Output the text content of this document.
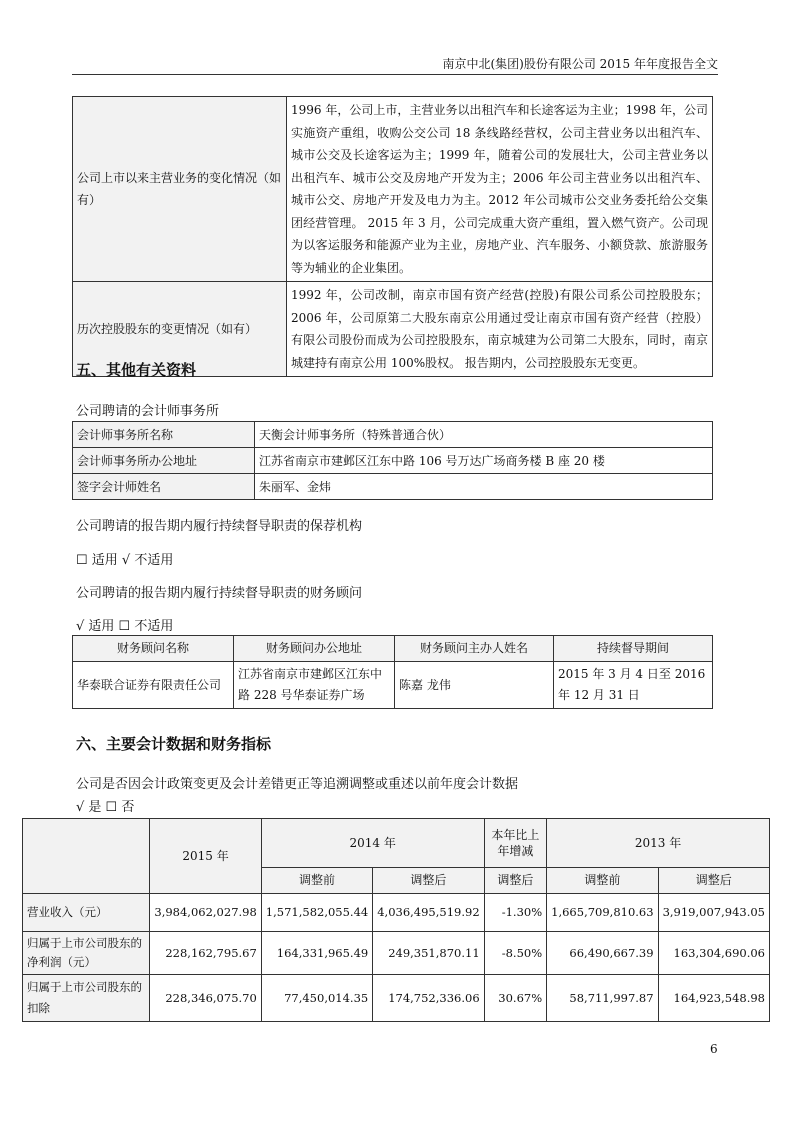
南京中北(集团)股份有限公司 2015 年年度报告全文
公司上市以来主营业务的变化情况（如有）	1996 年，公司上市，主营业务以出租汽车和长途客运为主业；1998 年，公司实施资产重组，收购公交公司 18 条线路经营权，公司主营业务以出租汽车、城市公交及长途客运为主；1999 年，随着公司的发展壮大，公司主营业务以出租汽车、城市公交及房地产开发为主；2006 年公司主营业务以出租汽车、城市公交、房地产开发及电力为主。2012 年公司城市公交业务委托给公交集团经营管理。 2015 年 3 月，公司完成重大资产重组，置入燃气资产。公司现为以客运服务和能源产业为主业，房地产业、汽车服务、小额贷款、旅游服务等为辅业的企业集团。
历次控股股东的变更情况（如有）	1992 年，公司改制，南京市国有资产经营(控股)有限公司系公司控股股东；2006 年，公司原第二大股东南京公用通过受让南京市国有资产经营（控股）有限公司股份而成为公司控股股东，南京城建为公司第二大股东，同时，南京城建持有南京公用 100%股权。 报告期内，公司控股股东无变更。
五、其他有关资料
公司聘请的会计师事务所
会计师事务所名称	天衡会计师事务所（特殊普通合伙）
会计师事务所办公地址	江苏省南京市建邺区江东中路 106 号万达广场商务楼 B 座 20 楼
签字会计师姓名	朱丽军、金炜
公司聘请的报告期内履行持续督导职责的保荐机构
☐ 适用 √ 不适用
公司聘请的报告期内履行持续督导职责的财务顾问
√ 适用 ☐ 不适用
财务顾问名称	财务顾问办公地址	财务顾问主办人姓名	持续督导期间
华泰联合证券有限责任公司	江苏省南京市建邺区江东中路 228 号华泰证券广场	陈嘉 龙伟	2015 年 3 月 4 日至 2016 年 12 月 31 日
六、主要会计数据和财务指标
公司是否因会计政策变更及会计差错更正等追溯调整或重述以前年度会计数据
√ 是 ☐ 否
	2015 年	2014 年		本年比上年增减	2013 年	
		调整前	调整后	调整后	调整前	调整后
营业收入（元）	3,984,062,027.98	1,571,582,055.44	4,036,495,519.92	-1.30%	1,665,709,810.63	3,919,007,943.05
归属于上市公司股东的净利润（元）	228,162,795.67	164,331,965.49	249,351,870.11	-8.50%	66,490,667.39	163,304,690.06
归属于上市公司股东的扣除	228,346,075.70	77,450,014.35	174,752,336.06	30.67%	58,711,997.87	164,923,548.98
6
